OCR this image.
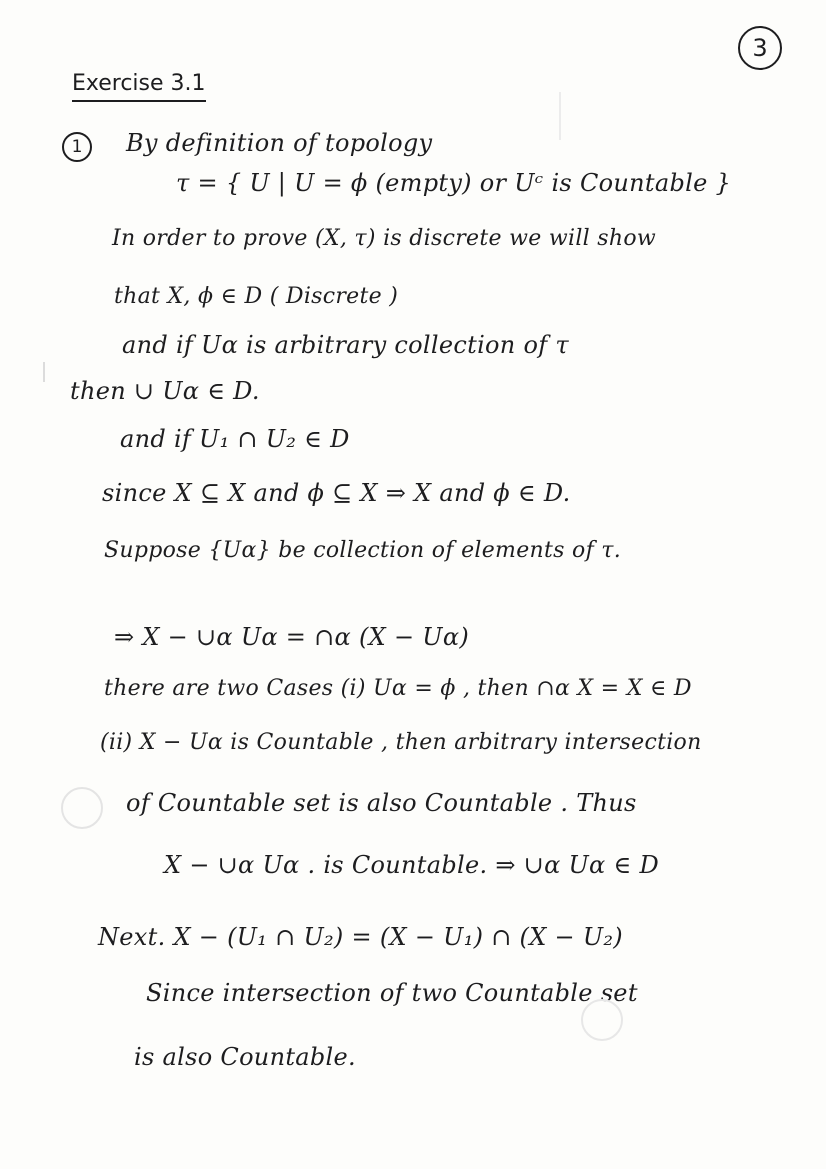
3
Exercise 3.1
1	By definition of topology
τ = { U | U = ϕ (empty) or Uᶜ is Countable }
In order to prove (X, τ) is discrete we will show
that X, ϕ ∈ D ( Discrete )
and if Uα is arbitrary collection of τ
then ∪ Uα ∈ D.
and if U₁ ∩ U₂ ∈ D
since X ⊆ X and ϕ ⊆ X ⇒ X and ϕ ∈ D.
Suppose {Uα} be collection of elements of τ.
⇒ X − ∪α Uα = ∩α (X − Uα)
there are two Cases (i) Uα = ϕ , then ∩α X = X ∈ D
(ii) X − Uα is Countable , then arbitrary intersection
of Countable set is also Countable . Thus
X − ∪α Uα . is Countable. ⇒ ∪α Uα ∈ D
Next. X − (U₁ ∩ U₂) = (X − U₁) ∩ (X − U₂)
Since intersection of two Countable set
is also Countable.
